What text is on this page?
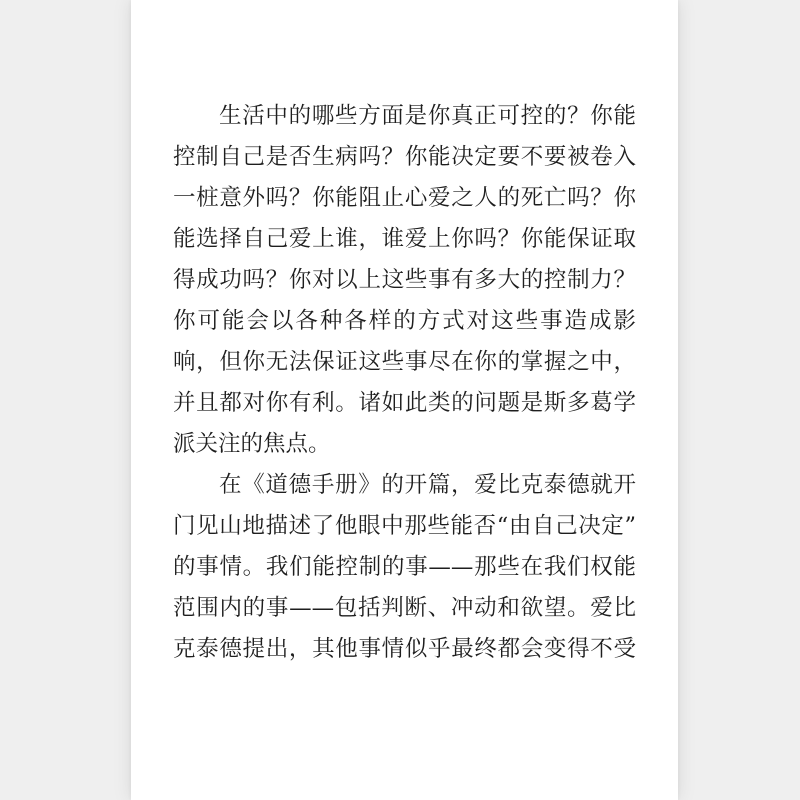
生活中的哪些方面是你真正可控的？你能
控制自己是否生病吗？你能决定要不要被卷入
一桩意外吗？你能阻止心爱之人的死亡吗？你
能选择自己爱上谁，谁爱上你吗？你能保证取
得成功吗？你对以上这些事有多大的控制力？
你可能会以各种各样的方式对这些事造成影
响，但你无法保证这些事尽在你的掌握之中，
并且都对你有利。诸如此类的问题是斯多葛学
派关注的焦点。
在《道德手册》的开篇，爱比克泰德就开
门见山地描述了他眼中那些能否“由自己决定”
的事情。我们能控制的事——那些在我们权能
范围内的事——包括判断、冲动和欲望。爱比
克泰德提出，其他事情似乎最终都会变得不受
